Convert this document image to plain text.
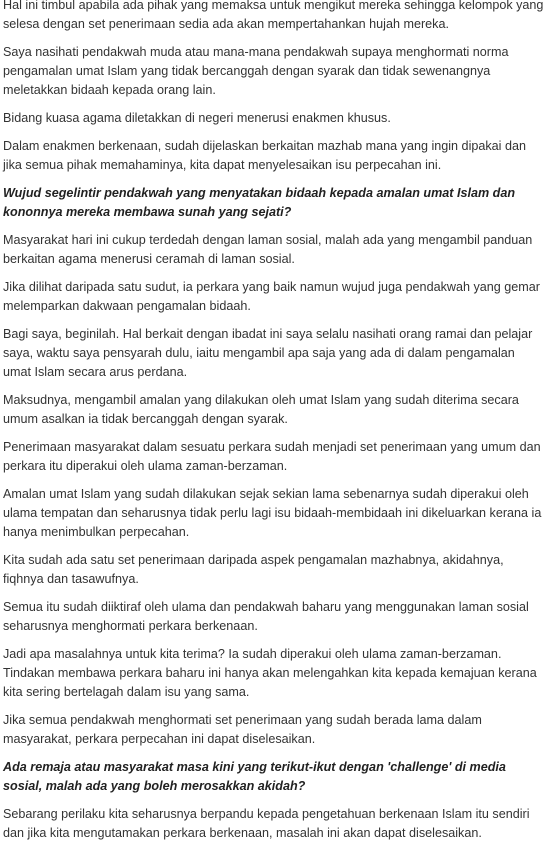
Hal ini timbul apabila ada pihak yang memaksa untuk mengikut mereka sehingga kelompok yang selesa dengan set penerimaan sedia ada akan mempertahankan hujah mereka.

Saya nasihati pendakwah muda atau mana-mana pendakwah supaya menghormati norma pengamalan umat Islam yang tidak bercanggah dengan syarak dan tidak sewenangnya meletakkan bidaah kepada orang lain.

Bidang kuasa agama diletakkan di negeri menerusi enakmen khusus.

Dalam enakmen berkenaan, sudah dijelaskan berkaitan mazhab mana yang ingin dipakai dan jika semua pihak memahaminya, kita dapat menyelesaikan isu perpecahan ini.

Wujud segelintir pendakwah yang menyatakan bidaah kepada amalan umat Islam dan kononnya mereka membawa sunah yang sejati?

Masyarakat hari ini cukup terdedah dengan laman sosial, malah ada yang mengambil panduan berkaitan agama menerusi ceramah di laman sosial.

Jika dilihat daripada satu sudut, ia perkara yang baik namun wujud juga pendakwah yang gemar melemparkan dakwaan pengamalan bidaah.

Bagi saya, beginilah. Hal berkait dengan ibadat ini saya selalu nasihati orang ramai dan pelajar saya, waktu saya pensyarah dulu, iaitu mengambil apa saja yang ada di dalam pengamalan umat Islam secara arus perdana.

Maksudnya, mengambil amalan yang dilakukan oleh umat Islam yang sudah diterima secara umum asalkan ia tidak bercanggah dengan syarak.

Penerimaan masyarakat dalam sesuatu perkara sudah menjadi set penerimaan yang umum dan perkara itu diperakui oleh ulama zaman-berzaman.

Amalan umat Islam yang sudah dilakukan sejak sekian lama sebenarnya sudah diperakui oleh ulama tempatan dan seharusnya tidak perlu lagi isu bidaah-membidaah ini dikeluarkan kerana ia hanya menimbulkan perpecahan.

Kita sudah ada satu set penerimaan daripada aspek pengamalan mazhabnya, akidahnya, fiqhnya dan tasawufnya.

Semua itu sudah diiktiraf oleh ulama dan pendakwah baharu yang menggunakan laman sosial seharusnya menghormati perkara berkenaan.

Jadi apa masalahnya untuk kita terima? Ia sudah diperakui oleh ulama zaman-berzaman. Tindakan membawa perkara baharu ini hanya akan melengahkan kita kepada kemajuan kerana kita sering bertelagah dalam isu yang sama.

Jika semua pendakwah menghormati set penerimaan yang sudah berada lama dalam masyarakat, perkara perpecahan ini dapat diselesaikan.

Ada remaja atau masyarakat masa kini yang terikut-ikut dengan 'challenge' di media sosial, malah ada yang boleh merosakkan akidah?

Sebarang perilaku kita seharusnya berpandu kepada pengetahuan berkenaan Islam itu sendiri dan jika kita mengutamakan perkara berkenaan, masalah ini akan dapat diselesaikan.
